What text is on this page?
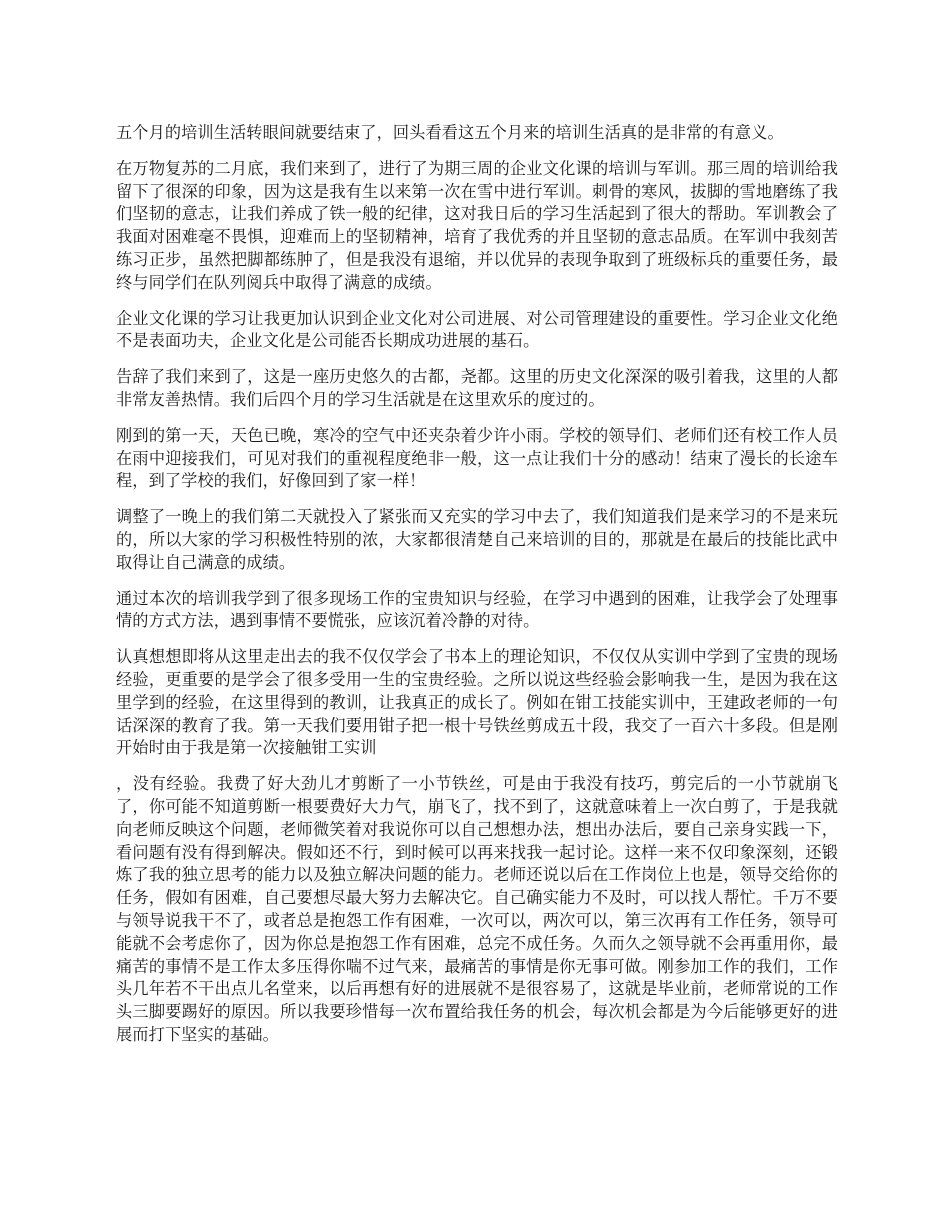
五个月的培训生活转眼间就要结束了，回头看看这五个月来的培训生活真的是非常的有意义。

在万物复苏的二月底，我们来到了，进行了为期三周的企业文化课的培训与军训。那三周的培训给我留下了很深的印象，因为这是我有生以来第一次在雪中进行军训。刺骨的寒风，拔脚的雪地磨练了我们坚韧的意志，让我们养成了铁一般的纪律，这对我日后的学习生活起到了很大的帮助。军训教会了我面对困难毫不畏惧，迎难而上的坚韧精神，培育了我优秀的并且坚韧的意志品质。在军训中我刻苦练习正步，虽然把脚都练肿了，但是我没有退缩，并以优异的表现争取到了班级标兵的重要任务，最终与同学们在队列阅兵中取得了满意的成绩。

企业文化课的学习让我更加认识到企业文化对公司进展、对公司管理建设的重要性。学习企业文化绝不是表面功夫，企业文化是公司能否长期成功进展的基石。

告辞了我们来到了，这是一座历史悠久的古都，尧都。这里的历史文化深深的吸引着我，这里的人都非常友善热情。我们后四个月的学习生活就是在这里欢乐的度过的。

刚到的第一天，天色已晚，寒冷的空气中还夹杂着少许小雨。学校的领导们、老师们还有校工作人员在雨中迎接我们，可见对我们的重视程度绝非一般，这一点让我们十分的感动！结束了漫长的长途车程，到了学校的我们，好像回到了家一样！

调整了一晚上的我们第二天就投入了紧张而又充实的学习中去了，我们知道我们是来学习的不是来玩的，所以大家的学习积极性特别的浓，大家都很清楚自己来培训的目的，那就是在最后的技能比武中取得让自己满意的成绩。

通过本次的培训我学到了很多现场工作的宝贵知识与经验，在学习中遇到的困难，让我学会了处理事情的方式方法，遇到事情不要慌张，应该沉着冷静的对待。

认真想想即将从这里走出去的我不仅仅学会了书本上的理论知识，不仅仅从实训中学到了宝贵的现场经验，更重要的是学会了很多受用一生的宝贵经验。之所以说这些经验会影响我一生，是因为我在这里学到的经验，在这里得到的教训，让我真正的成长了。例如在钳工技能实训中，王建政老师的一句话深深的教育了我。第一天我们要用钳子把一根十号铁丝剪成五十段，我交了一百六十多段。但是刚开始时由于我是第一次接触钳工实训

，没有经验。我费了好大劲儿才剪断了一小节铁丝，可是由于我没有技巧，剪完后的一小节就崩飞了，你可能不知道剪断一根要费好大力气，崩飞了，找不到了，这就意味着上一次白剪了，于是我就向老师反映这个问题，老师微笑着对我说你可以自己想想办法，想出办法后，要自己亲身实践一下，看问题有没有得到解决。假如还不行，到时候可以再来找我一起讨论。这样一来不仅印象深刻，还锻炼了我的独立思考的能力以及独立解决问题的能力。老师还说以后在工作岗位上也是，领导交给你的任务，假如有困难，自己要想尽最大努力去解决它。自己确实能力不及时，可以找人帮忙。千万不要与领导说我干不了，或者总是抱怨工作有困难，一次可以，两次可以，第三次再有工作任务，领导可能就不会考虑你了，因为你总是抱怨工作有困难，总完不成任务。久而久之领导就不会再重用你，最痛苦的事情不是工作太多压得你喘不过气来，最痛苦的事情是你无事可做。刚参加工作的我们，工作头几年若不干出点儿名堂来，以后再想有好的进展就不是很容易了，这就是毕业前，老师常说的工作头三脚要踢好的原因。所以我要珍惜每一次布置给我任务的机会，每次机会都是为今后能够更好的进展而打下坚实的基础。
